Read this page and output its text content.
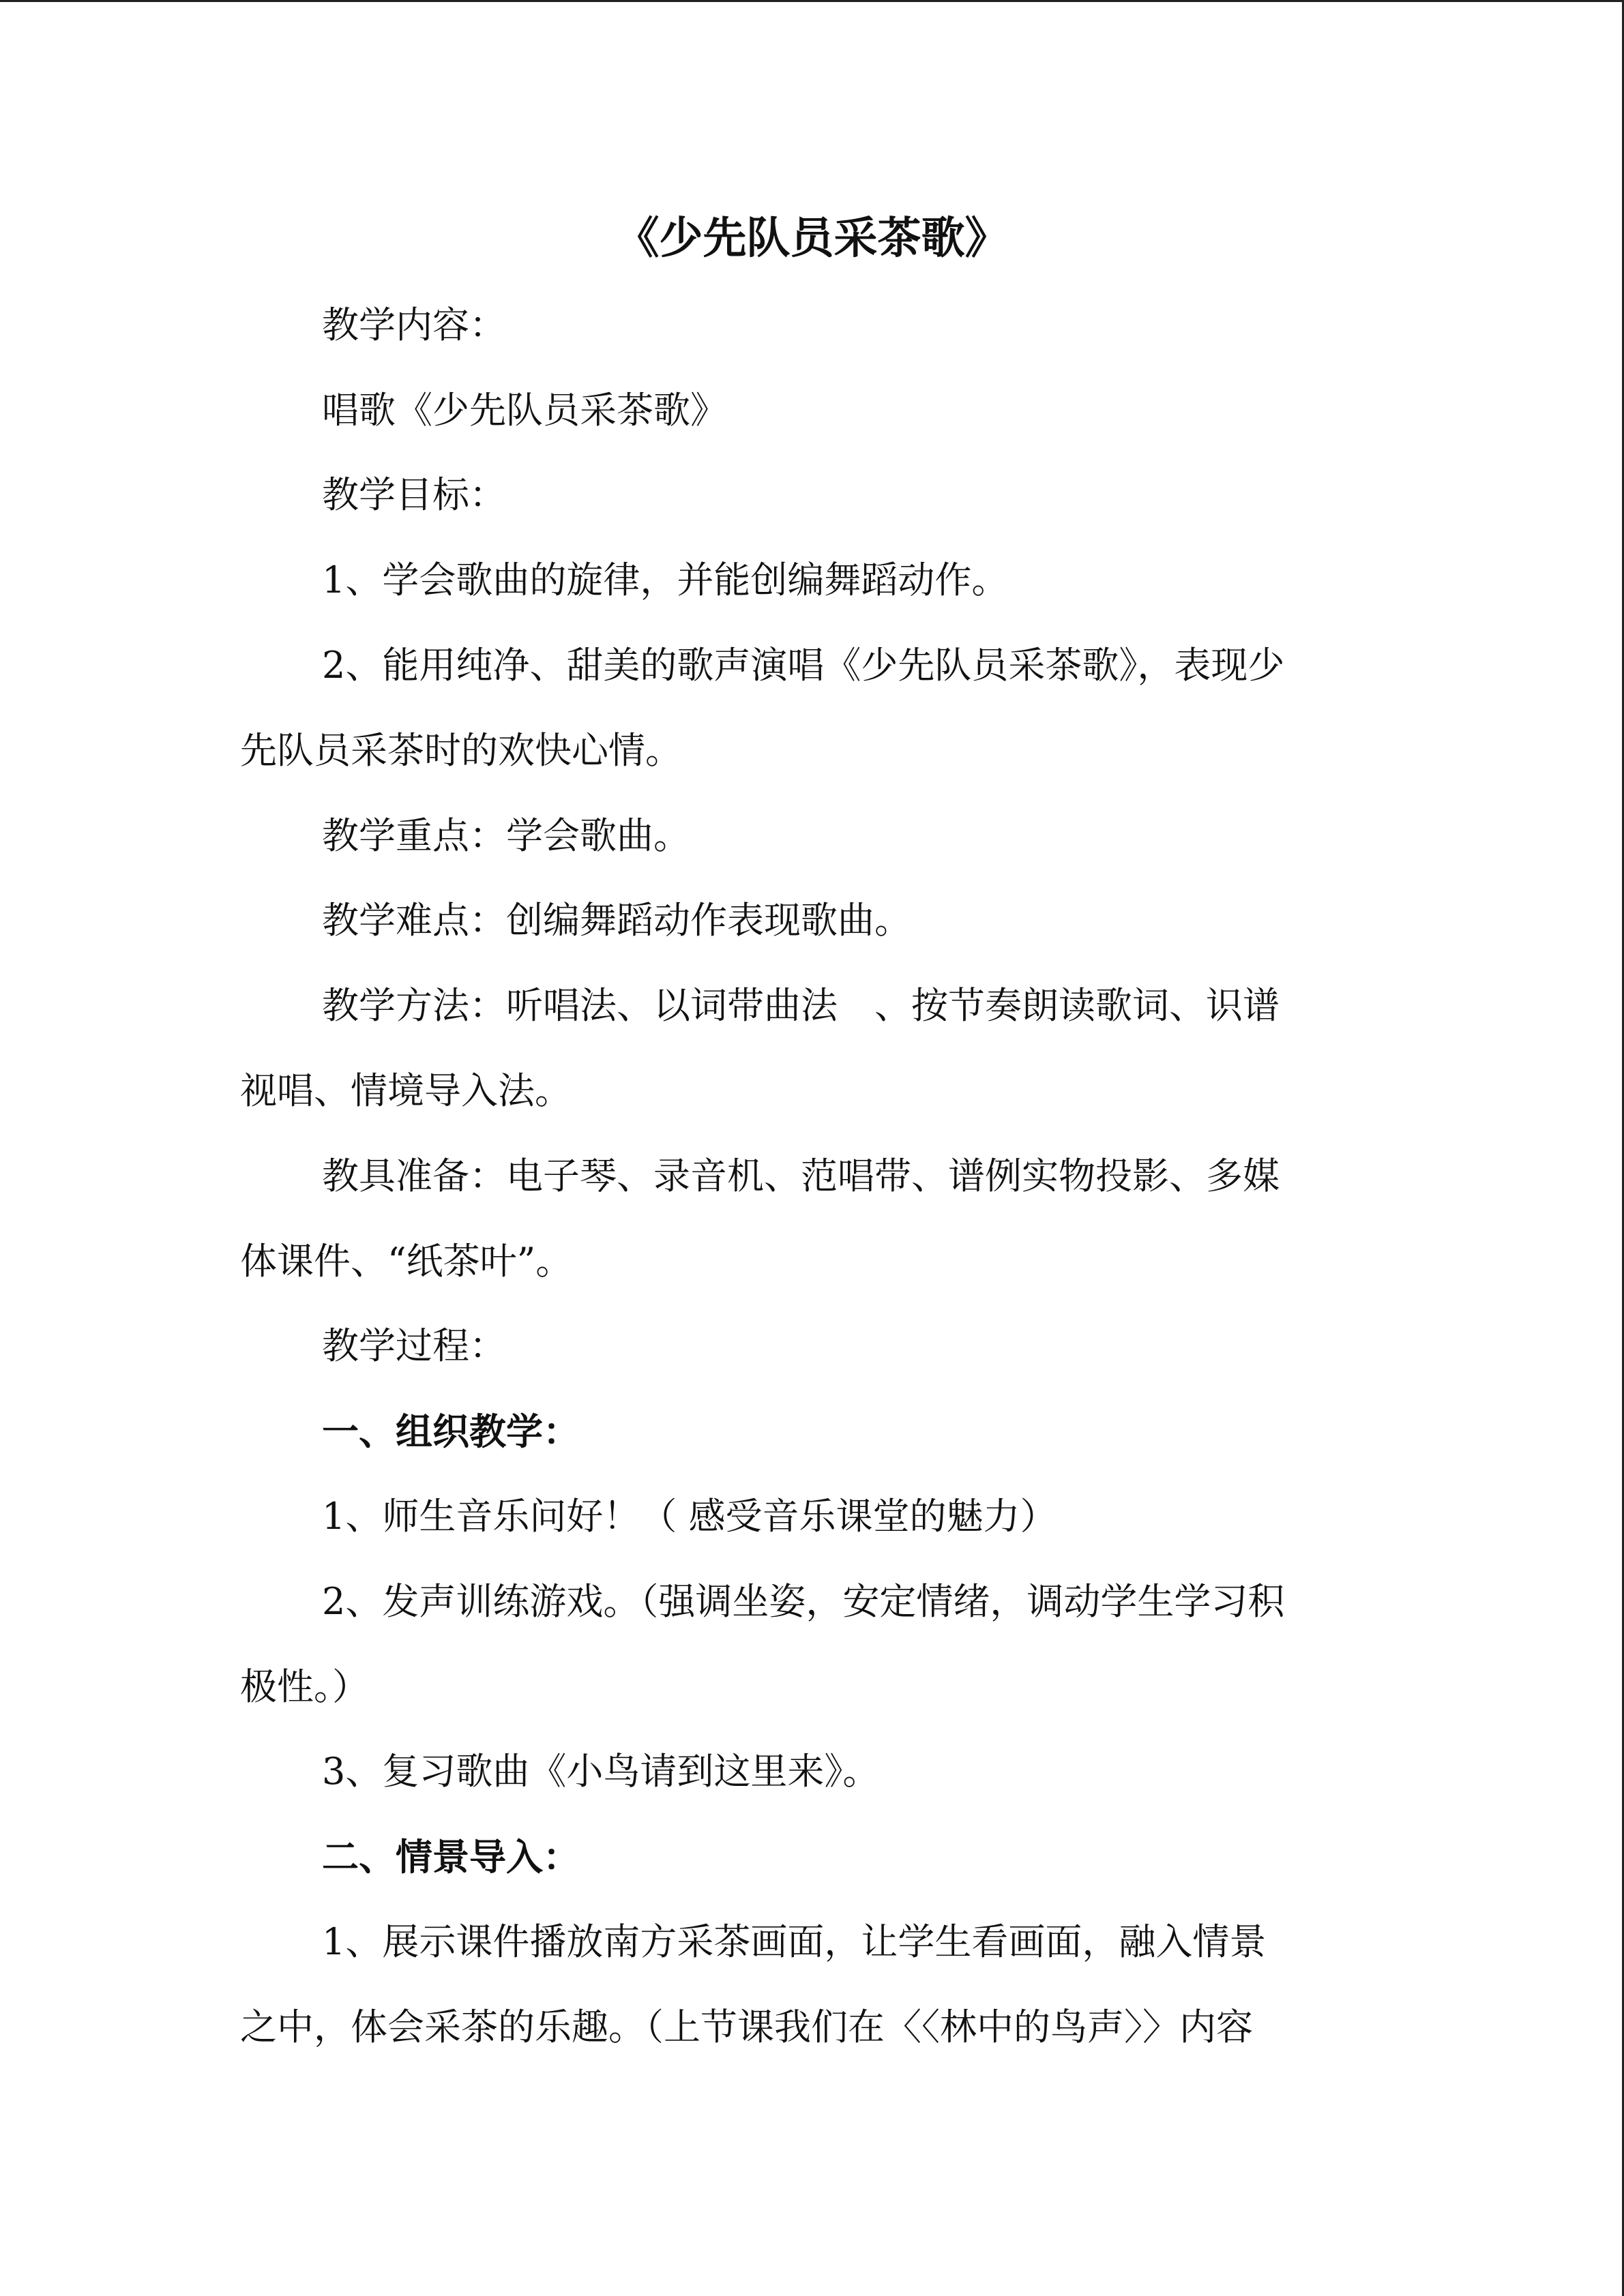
《少先队员采茶歌》
教学内容：
唱歌《少先队员采茶歌》
教学目标：
1、学会歌曲的旋律，并能创编舞蹈动作。
2、能用纯净、甜美的歌声演唱《少先队员采茶歌》，表现少
先队员采茶时的欢快心情。
教学重点：学会歌曲。
教学难点：创编舞蹈动作表现歌曲。
教学方法：听唱法、以词带曲法　、按节奏朗读歌词、识谱
视唱、情境导入法。
教具准备：电子琴、录音机、范唱带、谱例实物投影、多媒
体课件、“纸茶叶”。
教学过程：
一、组织教学：
1、师生音乐问好！（ 感受音乐课堂的魅力）
2、发声训练游戏。（强调坐姿，安定情绪，调动学生学习积
极性。）
3、复习歌曲《小鸟请到这里来》。
二、情景导入：
1、展示课件播放南方采茶画面，让学生看画面，融入情景
之中，体会采茶的乐趣。（上节课我们在〈〈林中的鸟声〉〉内容
